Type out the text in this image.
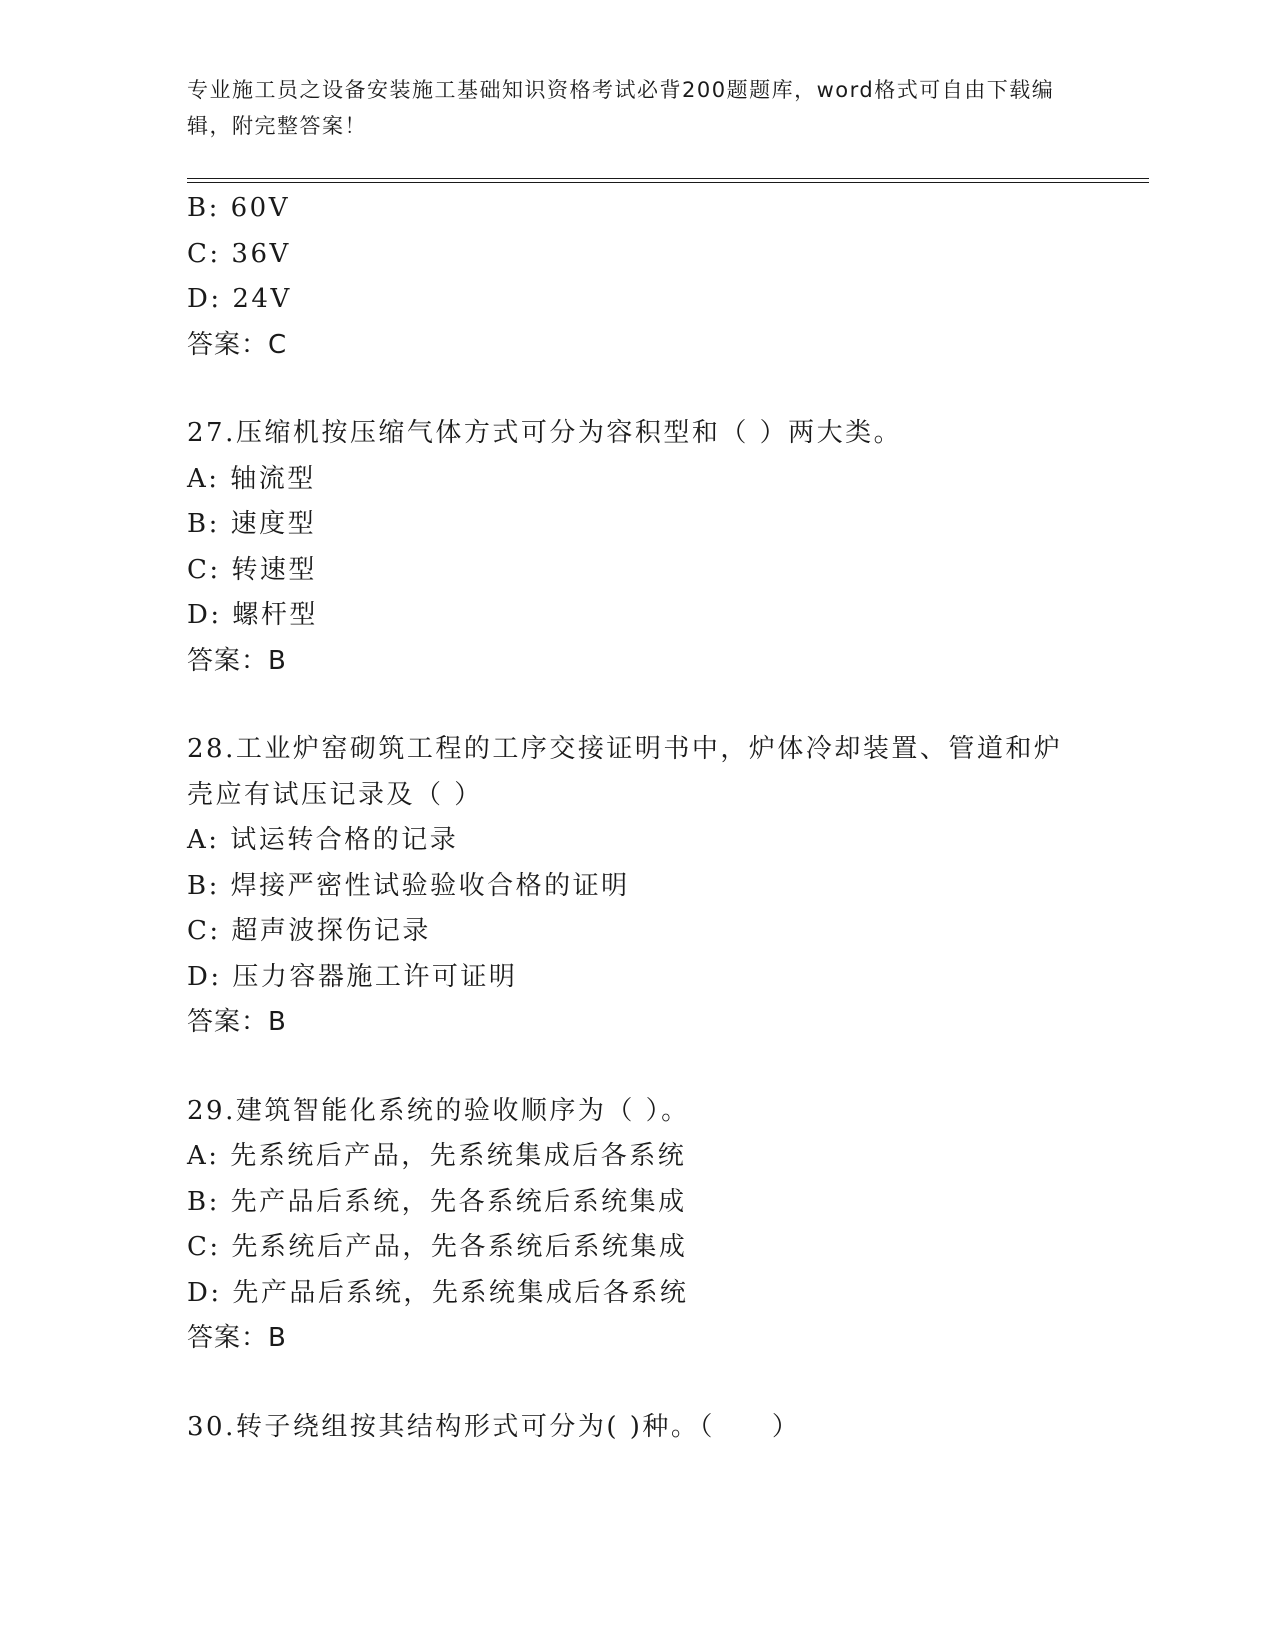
专业施工员之设备安装施工基础知识资格考试必背200题题库，word格式可自由下载编辑，附完整答案！
B: 60V
C: 36V
D: 24V
答案：C
27.压缩机按压缩气体方式可分为容积型和（ ）两大类。
A: 轴流型
B: 速度型
C: 转速型
D: 螺杆型
答案：B
28.工业炉窑砌筑工程的工序交接证明书中，炉体冷却装置、管道和炉壳应有试压记录及（ ）
A: 试运转合格的记录
B: 焊接严密性试验验收合格的证明
C: 超声波探伤记录
D: 压力容器施工许可证明
答案：B
29.建筑智能化系统的验收顺序为（ ）。
A: 先系统后产品，先系统集成后各系统
B: 先产品后系统，先各系统后系统集成
C: 先系统后产品，先各系统后系统集成
D: 先产品后系统，先系统集成后各系统
答案：B
30.转子绕组按其结构形式可分为( )种。（　　）
